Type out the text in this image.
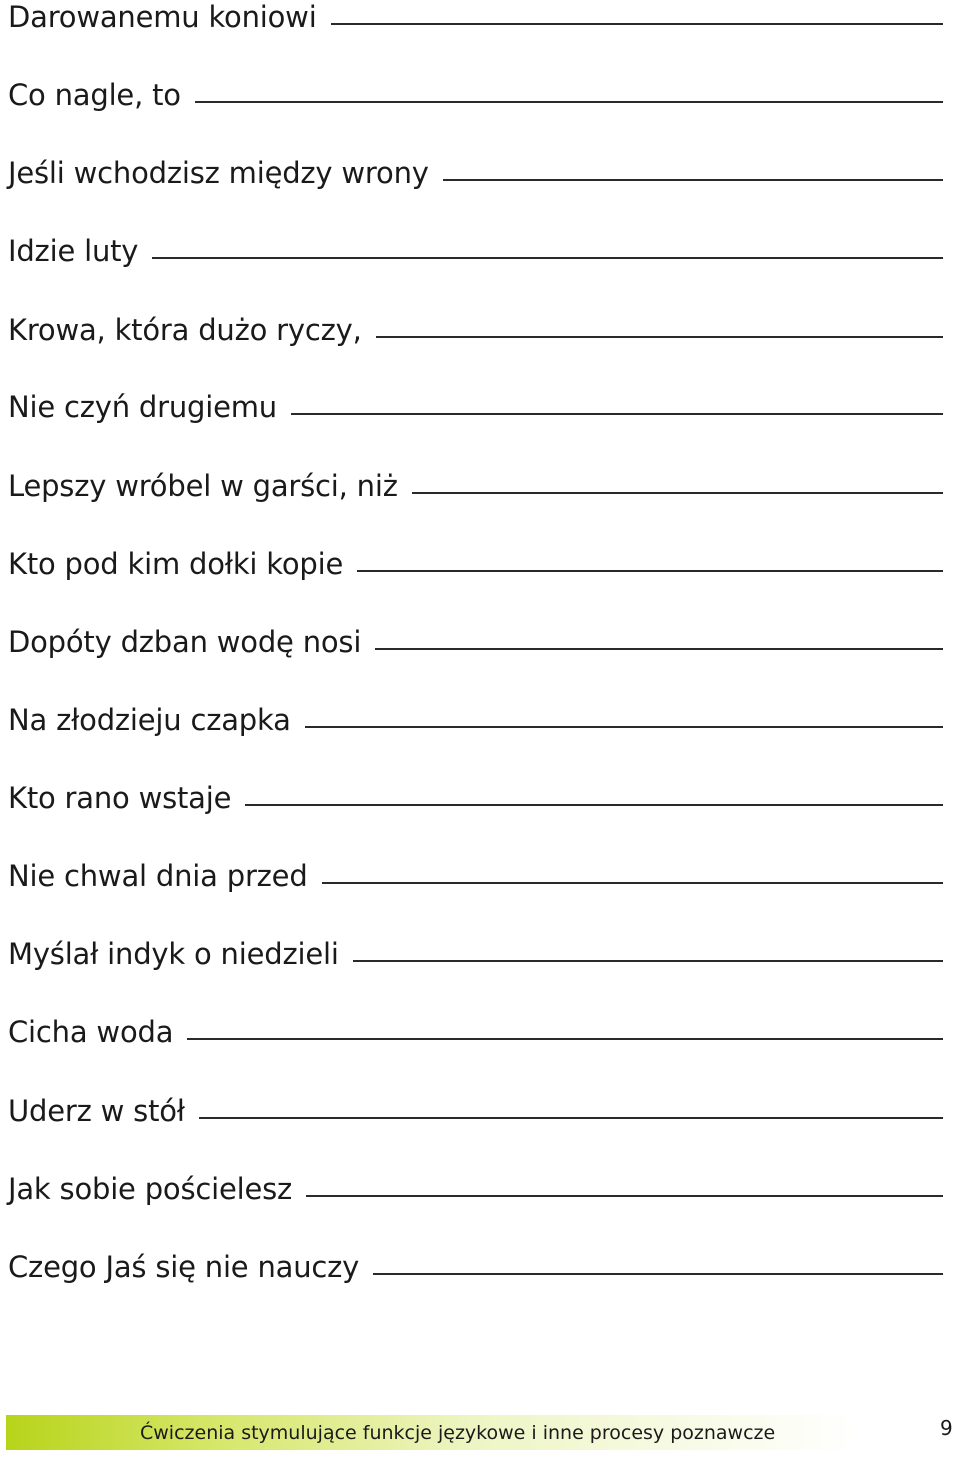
Darowanemu koniowi
Co nagle, to
Jeśli wchodzisz między wrony
Idzie luty
Krowa, która dużo ryczy,
Nie czyń drugiemu
Lepszy wróbel w garści, niż
Kto pod kim dołki kopie
Dopóty dzban wodę nosi
Na złodzieju czapka
Kto rano wstaje
Nie chwal dnia przed
Myślał indyk o niedzieli
Cicha woda
Uderz w stół
Jak sobie pościelesz
Czego Jaś się nie nauczy
Ćwiczenia stymulujące funkcje językowe i inne procesy poznawcze	9
